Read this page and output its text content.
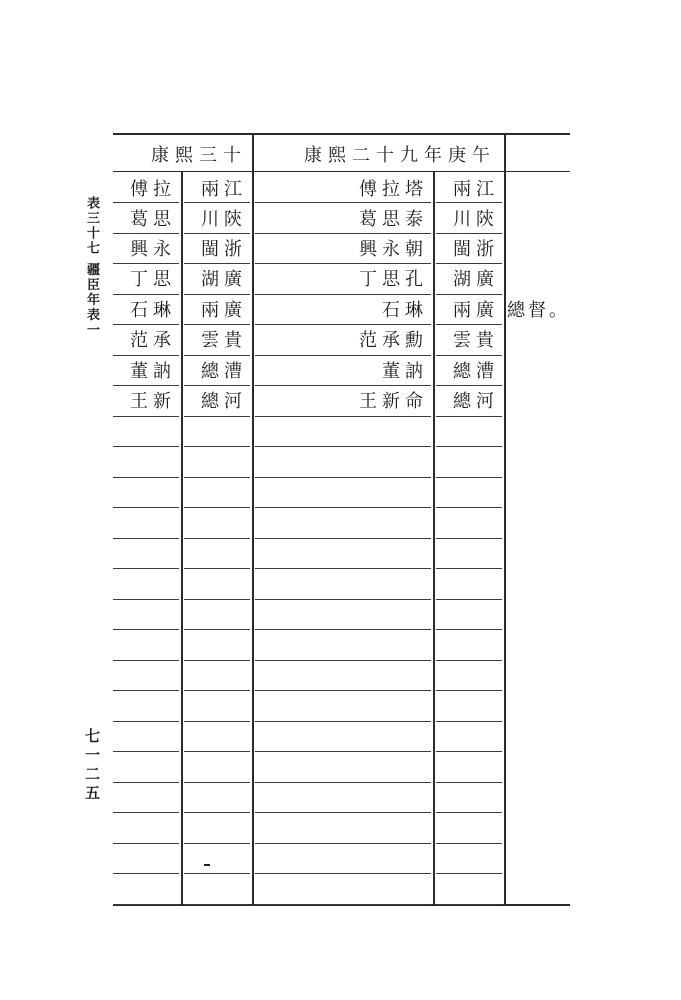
康熙三十	康熙二十九年庚午
傅拉
葛思
興永
丁思
石琳
范承
董訥
王新
兩江
川陝
閩浙
湖廣
兩廣
雲貴
總漕
總河
傅拉塔
葛思泰
興永朝
丁思孔
石琳
范承勳
董訥
王新命
兩江
川陝
閩浙
湖廣
兩廣
雲貴
總漕
總河
總督。
表三十七 疆臣年表一
七一二五
